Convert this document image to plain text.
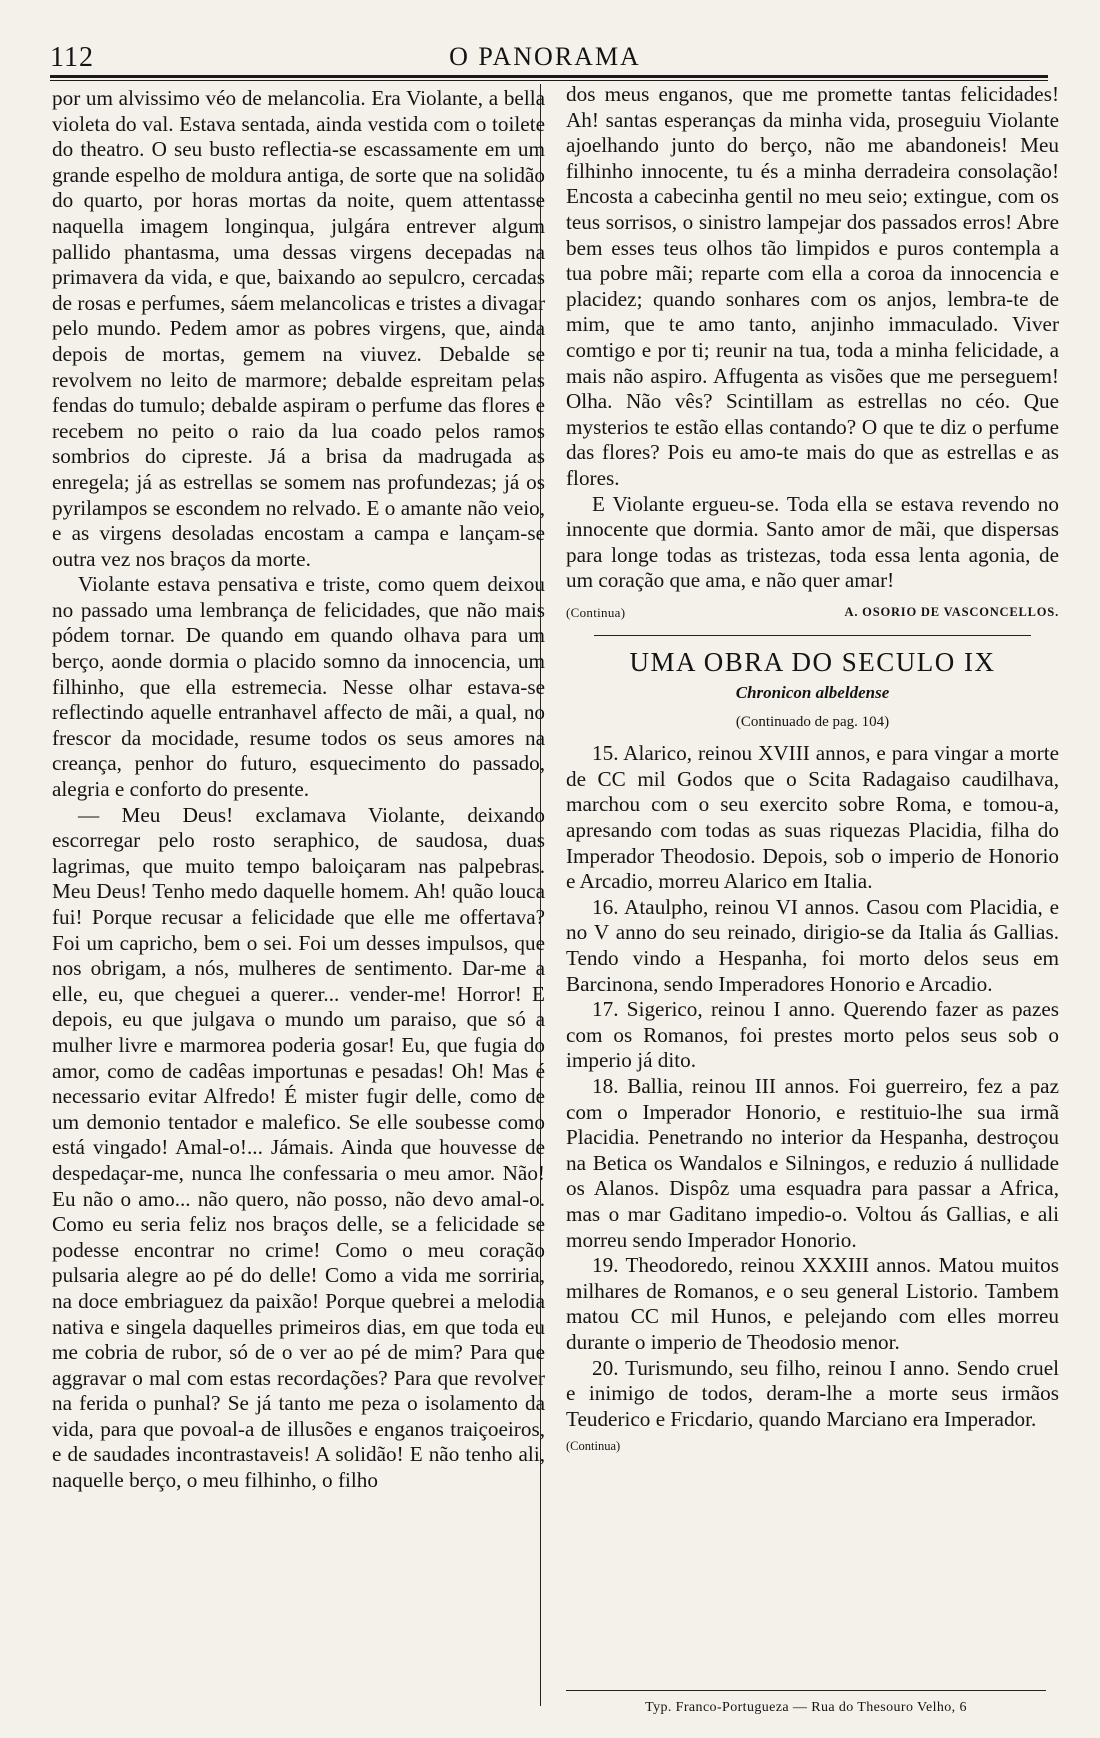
112	O PANORAMA

por um alvissimo véo de melancolia. Era Violante, a bella violeta do val. Estava sentada, ainda vestida com o toilete do theatro. O seu busto reflectia-se escassamente em um grande espelho de moldura antiga, de sorte que na solidão do quarto, por horas mortas da noite, quem attentasse naquella imagem longinqua, julgára entrever algum pallido phantasma, uma dessas virgens decepadas na primavera da vida, e que, baixando ao sepulcro, cercadas de rosas e perfumes, sáem melancolicas e tristes a divagar pelo mundo. Pedem amor as pobres virgens, que, ainda depois de mortas, gemem na viuvez. Debalde se revolvem no leito de marmore; debalde espreitam pelas fendas do tumulo; debalde aspiram o perfume das flores e recebem no peito o raio da lua coado pelos ramos sombrios do cipreste. Já a brisa da madrugada as enregela; já as estrellas se somem nas profundezas; já os pyrilampos se escondem no relvado. E o amante não veio, e as virgens desoladas encostam a campa e lançam-se outra vez nos braços da morte.

Violante estava pensativa e triste, como quem deixou no passado uma lembrança de felicidades, que não mais pódem tornar. De quando em quando olhava para um berço, aonde dormia o placido somno da innocencia, um filhinho, que ella estremecia. Nesse olhar estava-se reflectindo aquelle entranhavel affecto de mãi, a qual, no frescor da mocidade, resume todos os seus amores na creança, penhor do futuro, esquecimento do passado, alegria e conforto do presente.

— Meu Deus! exclamava Violante, deixando escorregar pelo rosto seraphico, de saudosa, duas lagrimas, que muito tempo baloiçaram nas palpebras. Meu Deus! Tenho medo daquelle homem. Ah! quão louca fui! Porque recusar a felicidade que elle me offertava? Foi um capricho, bem o sei. Foi um desses impulsos, que nos obrigam, a nós, mulheres de sentimento. Dar-me a elle, eu, que cheguei a querer... vender-me! Horror! E depois, eu que julgava o mundo um paraiso, que só a mulher livre e marmorea poderia gosar! Eu, que fugia do amor, como de cadêas importunas e pesadas! Oh! Mas é necessario evitar Alfredo! É mister fugir delle, como de um demonio tentador e malefico. Se elle soubesse como está vingado! Amal-o!... Jámais. Ainda que houvesse de despedaçar-me, nunca lhe confessaria o meu amor. Não! Eu não o amo... não quero, não posso, não devo amal-o. Como eu seria feliz nos braços delle, se a felicidade se podesse encontrar no crime! Como o meu coração pulsaria alegre ao pé do delle! Como a vida me sorriria, na doce embriaguez da paixão! Porque quebrei a melodia nativa e singela daquelles primeiros dias, em que toda eu me cobria de rubor, só de o ver ao pé de mim? Para que aggravar o mal com estas recordações? Para que revolver na ferida o punhal? Se já tanto me peza o isolamento da vida, para que povoal-a de illusões e enganos traiçoeiros, e de saudades incontrastaveis! A solidão! E não tenho ali, naquelle berço, o meu filhinho, o filho

dos meus enganos, que me promette tantas felicidades! Ah! santas esperanças da minha vida, proseguiu Violante ajoelhando junto do berço, não me abandoneis! Meu filhinho innocente, tu és a minha derradeira consolação! Encosta a cabecinha gentil no meu seio; extingue, com os teus sorrisos, o sinistro lampejar dos passados erros! Abre bem esses teus olhos tão limpidos e puros contempla a tua pobre mãi; reparte com ella a coroa da innocencia e placidez; quando sonhares com os anjos, lembra-te de mim, que te amo tanto, anjinho immaculado. Viver comtigo e por ti; reunir na tua, toda a minha felicidade, a mais não aspiro. Affugenta as visões que me perseguem! Olha. Não vês? Scintillam as estrellas no céo. Que mysterios te estão ellas contando? O que te diz o perfume das flores? Pois eu amo-te mais do que as estrellas e as flores.

E Violante ergueu-se. Toda ella se estava revendo no innocente que dormia. Santo amor de mãi, que dispersas para longe todas as tristezas, toda essa lenta agonia, de um coração que ama, e não quer amar!

(Continua)	A. OSORIO DE VASCONCELLOS.
UMA OBRA DO SECULO IX
Chronicon albeldense
(Continuado de pag. 104)

15. Alarico, reinou XVIII annos, e para vingar a morte de CC mil Godos que o Scita Radagaiso caudilhava, marchou com o seu exercito sobre Roma, e tomou-a, apresando com todas as suas riquezas Placidia, filha do Imperador Theodosio. Depois, sob o imperio de Honorio e Arcadio, morreu Alarico em Italia.

16. Ataulpho, reinou VI annos. Casou com Placidia, e no V anno do seu reinado, dirigio-se da Italia ás Gallias. Tendo vindo a Hespanha, foi morto delos seus em Barcinona, sendo Imperadores Honorio e Arcadio.

17. Sigerico, reinou I anno. Querendo fazer as pazes com os Romanos, foi prestes morto pelos seus sob o imperio já dito.

18. Ballia, reinou III annos. Foi guerreiro, fez a paz com o Imperador Honorio, e restituio-lhe sua irmã Placidia. Penetrando no interior da Hespanha, destroçou na Betica os Wandalos e Silningos, e reduzio á nullidade os Alanos. Dispôz uma esquadra para passar a Africa, mas o mar Gaditano impedio-o. Voltou ás Gallias, e ali morreu sendo Imperador Honorio.

19. Theodoredo, reinou XXXIII annos. Matou muitos milhares de Romanos, e o seu general Listorio. Tambem matou CC mil Hunos, e pelejando com elles morreu durante o imperio de Theodosio menor.

20. Turismundo, seu filho, reinou I anno. Sendo cruel e inimigo de todos, deram-lhe a morte seus irmãos Teuderico e Fricdario, quando Marciano era Imperador.

(Continua)
Typ. Franco-Portugueza — Rua do Thesouro Velho, 6
